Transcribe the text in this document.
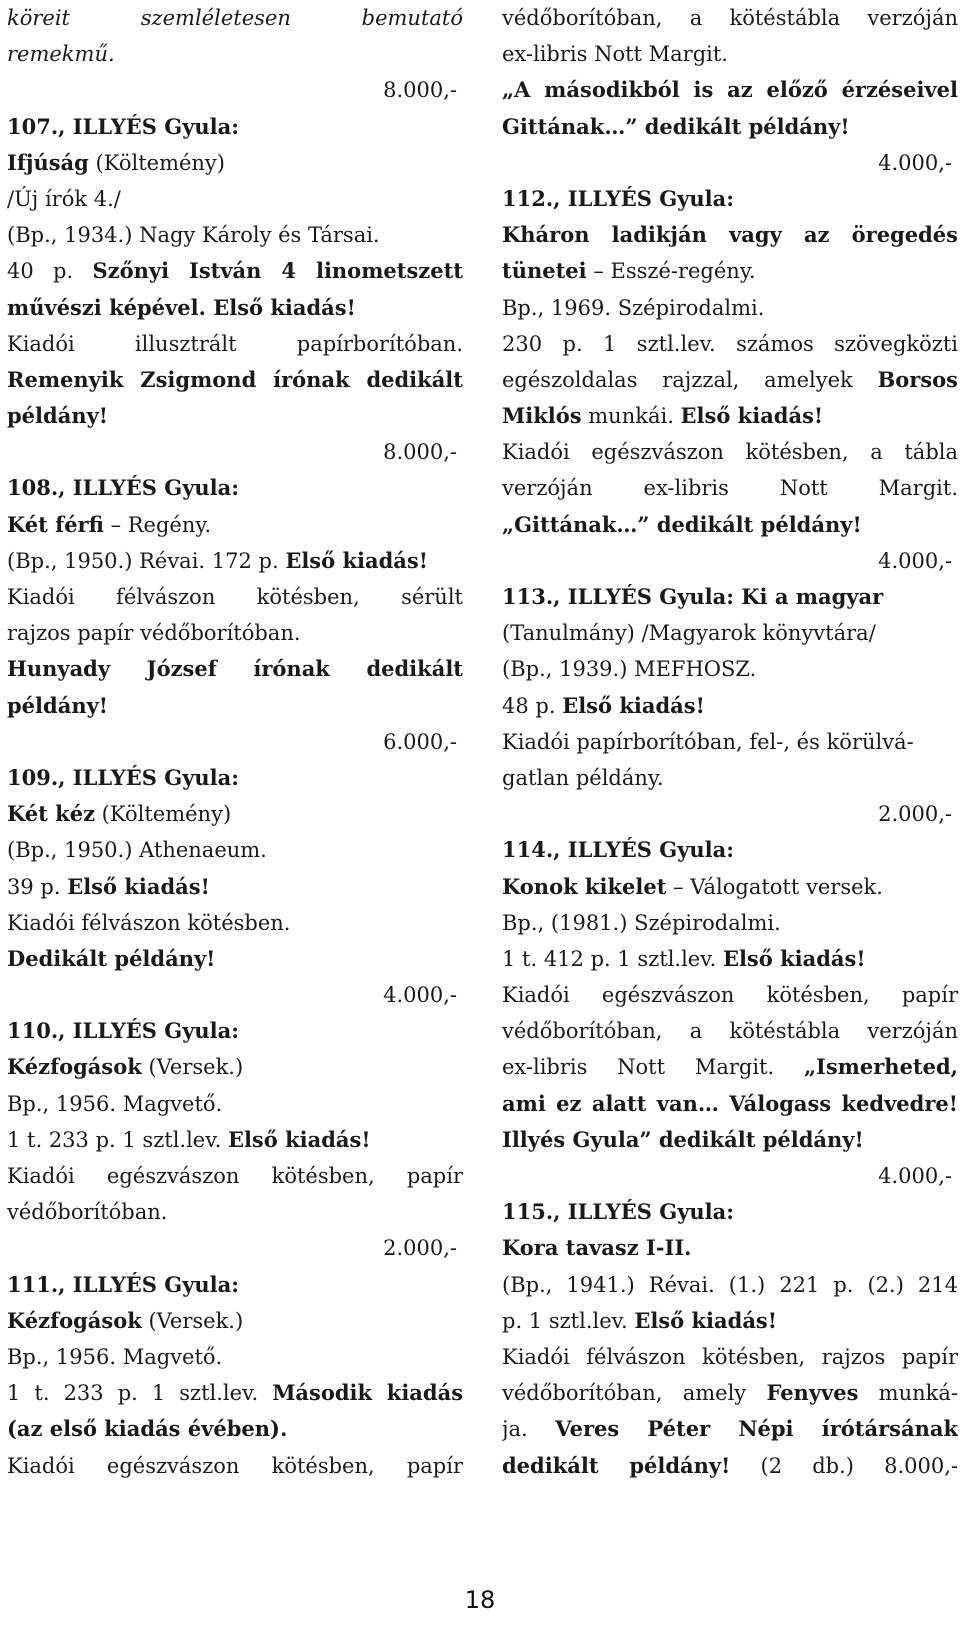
köreit szemléletesen bemutató
remekmű.
8.000,-
107., ILLYÉS Gyula:
Ifjúság (Költemény)
/Új írók 4./
(Bp., 1934.) Nagy Károly és Társai.
40 p. Szőnyi István 4 linometszett
művészi képével. Első kiadás!
Kiadói illusztrált papírborítóban.
Remenyik Zsigmond írónak dedikált
példány!
8.000,-
108., ILLYÉS Gyula:
Két férfi – Regény.
(Bp., 1950.) Révai. 172 p. Első kiadás!
Kiadói félvászon kötésben, sérült
rajzos papír védőborítóban.
Hunyady József írónak dedikált
példány!
6.000,-
109., ILLYÉS Gyula:
Két kéz (Költemény)
(Bp., 1950.) Athenaeum.
39 p. Első kiadás!
Kiadói félvászon kötésben.
Dedikált példány!
4.000,-
110., ILLYÉS Gyula:
Kézfogások (Versek.)
Bp., 1956. Magvető.
1 t. 233 p. 1 sztl.lev. Első kiadás!
Kiadói egészvászon kötésben, papír
védőborítóban.
2.000,-
111., ILLYÉS Gyula:
Kézfogások (Versek.)
Bp., 1956. Magvető.
1 t. 233 p. 1 sztl.lev. Második kiadás
(az első kiadás évében).
Kiadói egészvászon kötésben, papír
védőborítóban, a kötéstábla verzóján
ex-libris Nott Margit.
„A másodikból is az előző érzéseivel
Gittának…” dedikált példány!
4.000,-
112., ILLYÉS Gyula:
Kháron ladikján vagy az öregedés
tünetei – Esszé-regény.
Bp., 1969. Szépirodalmi.
230 p. 1 sztl.lev. számos szövegközti
egészoldalas rajzzal, amelyek Borsos
Miklós munkái. Első kiadás!
Kiadói egészvászon kötésben, a tábla
verzóján ex-libris Nott Margit.
„Gittának…” dedikált példány!
4.000,-
113., ILLYÉS Gyula: Ki a magyar
(Tanulmány) /Magyarok könyvtára/
(Bp., 1939.) MEFHOSZ.
48 p. Első kiadás!
Kiadói papírborítóban, fel-, és körülvá-
gatlan példány.
2.000,-
114., ILLYÉS Gyula:
Konok kikelet – Válogatott versek.
Bp., (1981.) Szépirodalmi.
1 t. 412 p. 1 sztl.lev. Első kiadás!
Kiadói egészvászon kötésben, papír
védőborítóban, a kötéstábla verzóján
ex-libris Nott Margit. „Ismerheted,
ami ez alatt van… Válogass kedvedre!
Illyés Gyula” dedikált példány!
4.000,-
115., ILLYÉS Gyula:
Kora tavasz I-II.
(Bp., 1941.) Révai. (1.) 221 p. (2.) 214
p. 1 sztl.lev. Első kiadás!
Kiadói félvászon kötésben, rajzos papír
védőborítóban, amely Fenyves munká-
ja. Veres Péter Népi írótársának
dedikált példány! (2 db.) 8.000,-
18
